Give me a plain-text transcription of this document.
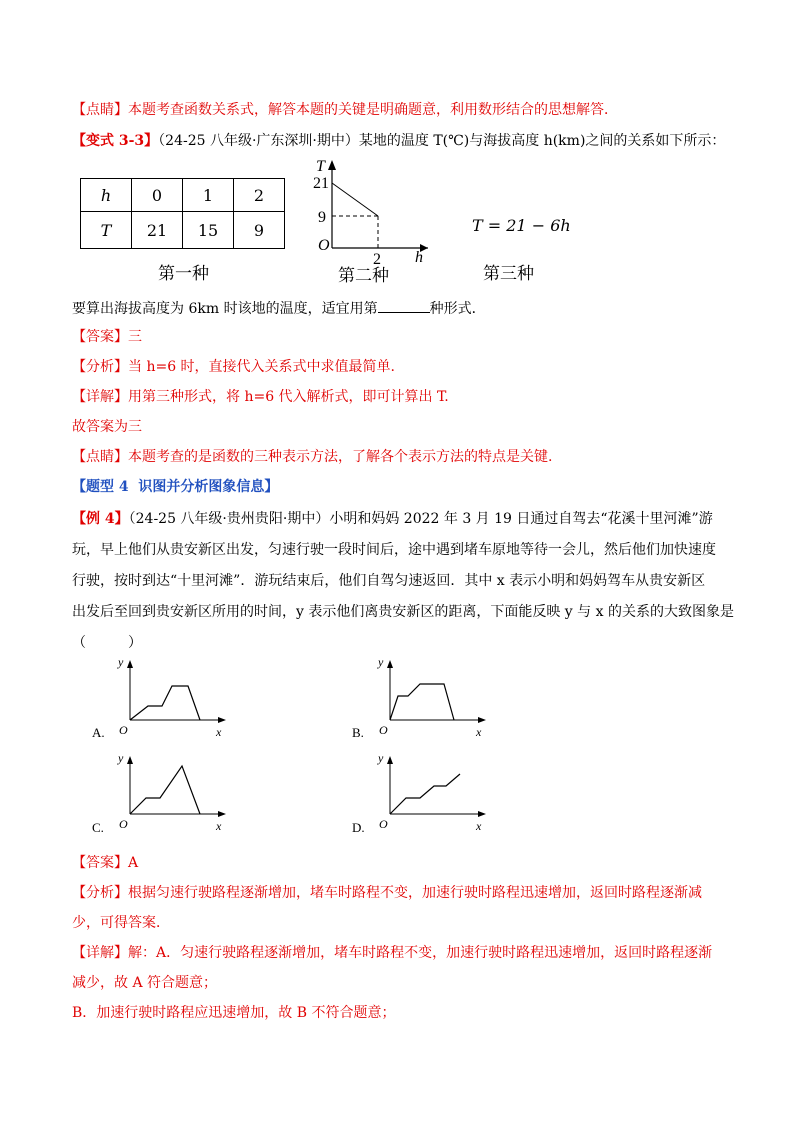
【点睛】本题考查函数关系式，解答本题的关键是明确题意，利用数形结合的思想解答．
【变式 3-3】（24-25 八年级·广东深圳·期中）某地的温度 T(℃)与海拔高度 h(km)之间的关系如下所示：
h	0	1	2
T	21	15	9
第一种
T
21
9
O
2 h
第二种
T = 21 − 6h
第三种
要算出海拔高度为 6km 时该地的温度，适宜用第	种形式．
【答案】三
【分析】当 h=6 时，直接代入关系式中求值最简单.
【详解】用第三种形式，将 h=6 代入解析式，即可计算出 T.
故答案为三
【点睛】本题考查的是函数的三种表示方法，了解各个表示方法的特点是关键.
【题型 4 识图并分析图象信息】
【例 4】（24-25 八年级·贵州贵阳·期中）小明和妈妈 2022 年 3 月 19 日通过自驾去“花溪十里河滩”游
玩，早上他们从贵安新区出发，匀速行驶一段时间后，途中遇到堵车原地等待一会儿，然后他们加快速度
行驶，按时到达“十里河滩”．游玩结束后，他们自驾匀速返回．其中 x 表示小明和妈妈驾车从贵安新区
出发后至回到贵安新区所用的时间，y 表示他们离贵安新区的距离，下面能反映 y 与 x 的关系的大致图象是
（　　　）
y
O	x
A.
y
O	x
B.
y
O	x
C.
y
O	x
D.
【答案】A
【分析】根据匀速行驶路程逐渐增加，堵车时路程不变，加速行驶时路程迅速增加，返回时路程逐渐减
少，可得答案．
【详解】解：A．匀速行驶路程逐渐增加，堵车时路程不变，加速行驶时路程迅速增加，返回时路程逐渐
减少，故 A 符合题意；
B．加速行驶时路程应迅速增加，故 B 不符合题意；
